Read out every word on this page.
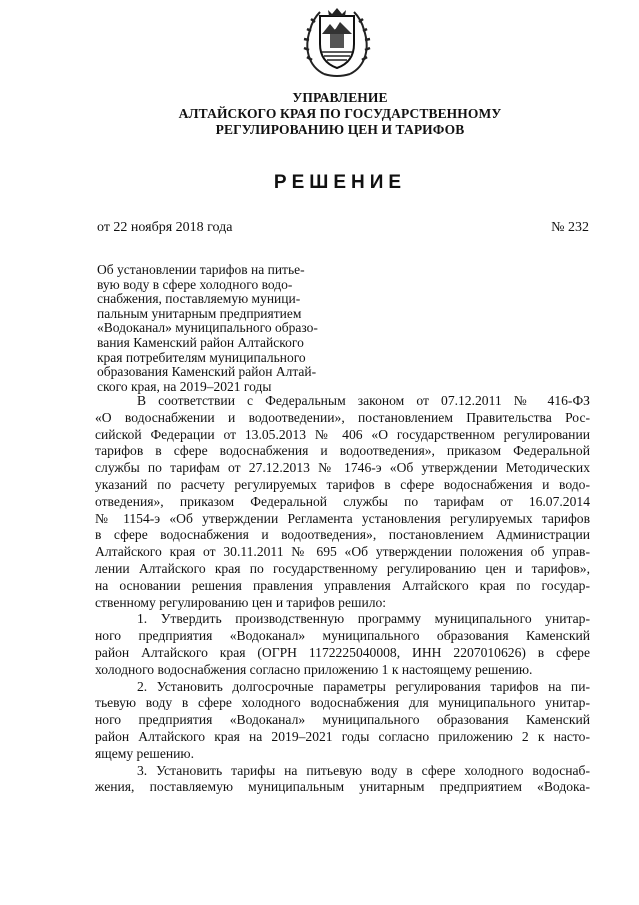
УПРАВЛЕНИЕ
АЛТАЙСКОГО КРАЯ ПО ГОСУДАРСТВЕННОМУ
РЕГУЛИРОВАНИЮ ЦЕН И ТАРИФОВ
РЕШЕНИЕ
от 22 ноября 2018 года	№ 232
Об установлении тарифов на питье-
вую воду в сфере холодного водо-
снабжения, поставляемую муници-
пальным унитарным предприятием
«Водоканал» муниципального образо-
вания Каменский район Алтайского
края потребителям муниципального
образования Каменский район Алтай-
ского края, на 2019–2021 годы
В соответствии с Федеральным законом от 07.12.2011 № 416-ФЗ
«О водоснабжении и водоотведении», постановлением Правительства Рос-
сийской Федерации от 13.05.2013 № 406 «О государственном регулировании
тарифов в сфере водоснабжения и водоотведения», приказом Федеральной
службы по тарифам от 27.12.2013 № 1746-э «Об утверждении Методических
указаний по расчету регулируемых тарифов в сфере водоснабжения и водо-
отведения», приказом Федеральной службы по тарифам от 16.07.2014
№ 1154-э «Об утверждении Регламента установления регулируемых тарифов
в сфере водоснабжения и водоотведения», постановлением Администрации
Алтайского края от 30.11.2011 № 695 «Об утверждении положения об управ-
лении Алтайского края по государственному регулированию цен и тарифов»,
на основании решения правления управления Алтайского края по государ-
ственному регулированию цен и тарифов решило:
1. Утвердить производственную программу муниципального унитар-
ного предприятия «Водоканал» муниципального образования Каменский
район Алтайского края (ОГРН 1172225040008, ИНН 2207010626) в сфере
холодного водоснабжения согласно приложению 1 к настоящему решению.
2. Установить долгосрочные параметры регулирования тарифов на пи-
тьевую воду в сфере холодного водоснабжения для муниципального унитар-
ного предприятия «Водоканал» муниципального образования Каменский
район Алтайского края на 2019–2021 годы согласно приложению 2 к насто-
ящему решению.
3. Установить тарифы на питьевую воду в сфере холодного водоснаб-
жения, поставляемую муниципальным унитарным предприятием «Водока-
